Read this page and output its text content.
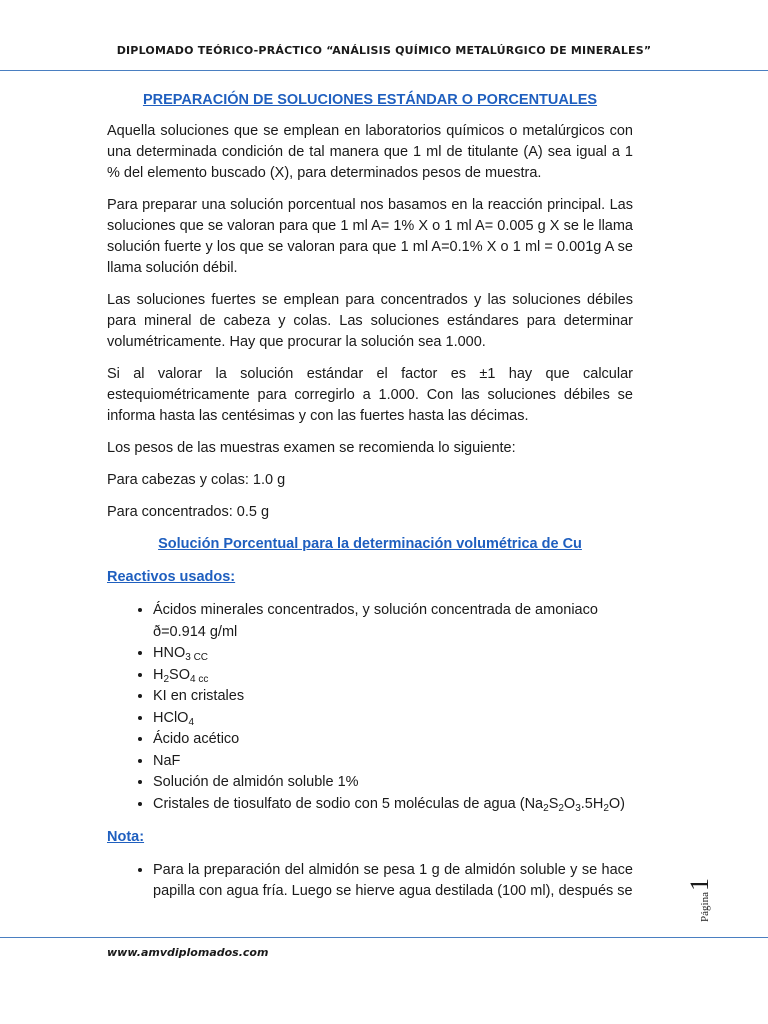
DIPLOMADO TEÓRICO-PRÁCTICO “ANÁLISIS QUÍMICO METALÚRGICO DE MINERALES”
PREPARACIÓN DE SOLUCIONES ESTÁNDAR O PORCENTUALES

Aquella soluciones que se emplean en laboratorios químicos o metalúrgicos con una determinada condición de tal manera que 1 ml de titulante (A) sea igual a 1 % del elemento buscado (X), para determinados pesos de muestra.

Para preparar una solución porcentual nos basamos en la reacción principal. Las soluciones que se valoran para que 1 ml A= 1% X o 1 ml A= 0.005 g X se le llama solución fuerte y los que se valoran para que 1 ml A=0.1% X o 1 ml = 0.001g A se llama solución débil.

Las soluciones fuertes se emplean para concentrados y las soluciones débiles para mineral de cabeza y colas. Las soluciones estándares para determinar volumétricamente. Hay que procurar la solución sea 1.000.

Si al valorar la solución estándar el factor es ±1 hay que calcular estequiométricamente para corregirlo a 1.000. Con las soluciones débiles se informa hasta las centésimas y con las fuertes hasta las décimas.

Los pesos de las muestras examen se recomienda lo siguiente:

Para cabezas y colas: 1.0 g

Para concentrados: 0.5 g

Solución Porcentual para la determinación volumétrica de Cu
Reactivos usados:
• Ácidos minerales concentrados, y solución concentrada de amoniaco ð=0.914 g/ml
• $HNO_3$ $_{CC}$
• $H_2SO_4$ $_{cc}$
• KI en cristales
• HClO$_4$
• Ácido acético
• NaF
• Solución de almidón soluble 1%
• Cristales de tiosulfato de sodio con 5 moléculas de agua $(Na_2S_2O_3.5H_2O)$
Nota:
• Para la preparación del almidón se pesa 1 g de almidón soluble y se hace papilla con agua fría. Luego se hierve agua destilada (100 ml), después se
Página
1
www.amvdiplomados.com
